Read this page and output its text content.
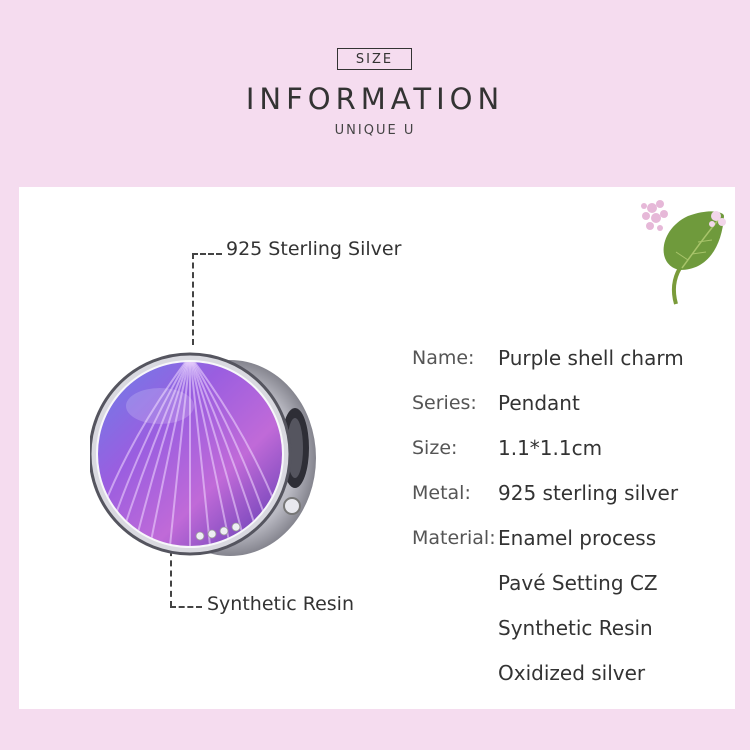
SIZE
INFORMATION
UNIQUE U
925 Sterling Silver
Synthetic Resin
Name: Purple shell charm
Series: Pendant
Size: 1.1*1.1cm
Metal: 925 sterling silver
Material: Enamel process
Pavé Setting CZ
Synthetic Resin
Oxidized silver
